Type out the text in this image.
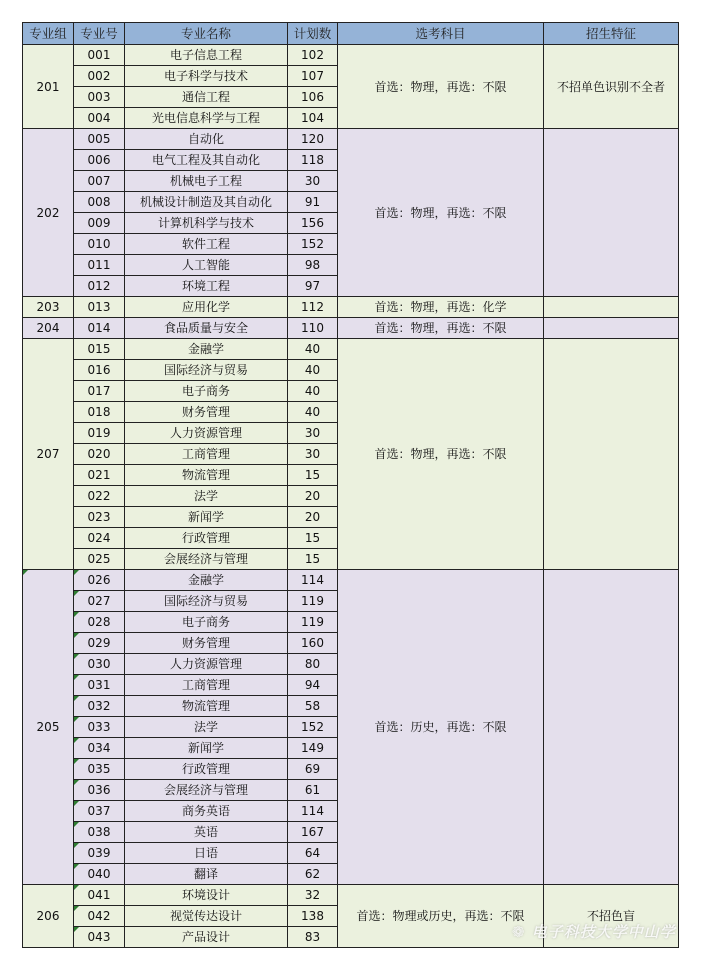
专业组	专业号	专业名称	计划数	选考科目	招生特征
201	001	电子信息工程	102	首选：物理，再选：不限	不招单色识别不全者
	002	电子科学与技术	107		
	003	通信工程	106		
	004	光电信息科学与工程	104		
202	005	自动化	120	首选：物理，再选：不限	
	006	电气工程及其自动化	118		
	007	机械电子工程	30		
	008	机械设计制造及其自动化	91		
	009	计算机科学与技术	156		
	010	软件工程	152		
	011	人工智能	98		
	012	环境工程	97		
203	013	应用化学	112	首选：物理，再选：化学	
204	014	食品质量与安全	110	首选：物理，再选：不限	
207	015	金融学	40	首选：物理，再选：不限	
	016	国际经济与贸易	40		
	017	电子商务	40		
	018	财务管理	40		
	019	人力资源管理	30		
	020	工商管理	30		
	021	物流管理	15		
	022	法学	20		
	023	新闻学	20		
	024	行政管理	15		
	025	会展经济与管理	15		
205	026	金融学	114	首选：历史，再选：不限	
	027	国际经济与贸易	119		
	028	电子商务	119		
	029	财务管理	160		
	030	人力资源管理	80		
	031	工商管理	94		
	032	物流管理	58		
	033	法学	152		
	034	新闻学	149		
	035	行政管理	69		
	036	会展经济与管理	61		
	037	商务英语	114		
	038	英语	167		
	039	日语	64		
	040	翻译	62		
206	041	环境设计	32	首选：物理或历史，再选：不限	不招色盲
	042	视觉传达设计	138		
	043	产品设计	83			❁ 电子科技大学中山学
